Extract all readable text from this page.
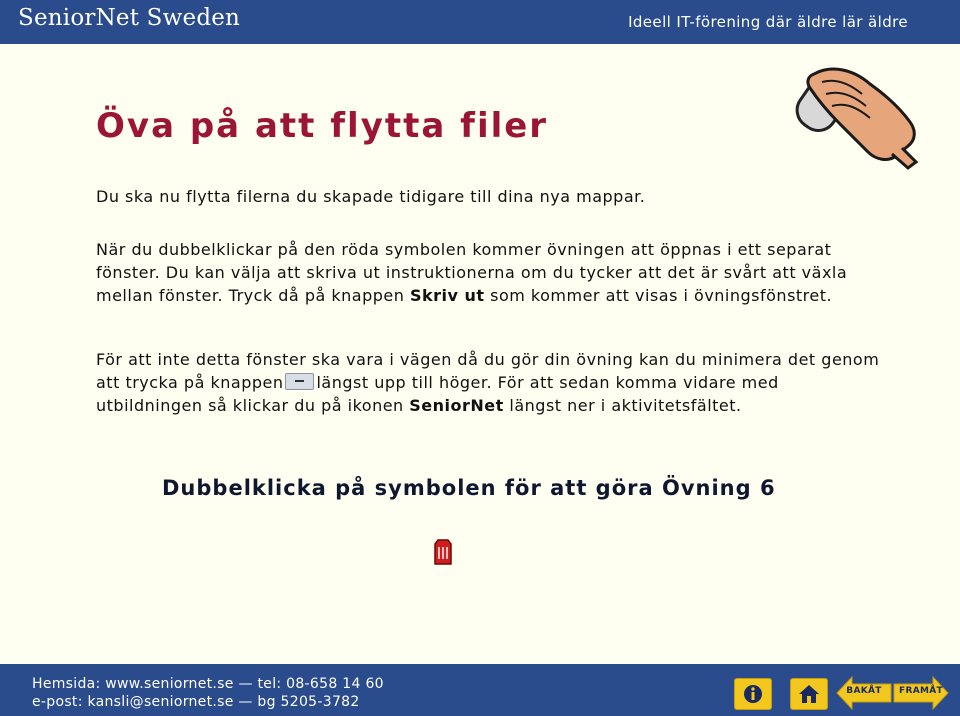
SeniorNet Sweden	Ideell IT-förening där äldre lär äldre
Öva på att flytta filer

Du ska nu flytta filerna du skapade tidigare till dina nya mappar.

När du dubbelklickar på den röda symbolen kommer övningen att öppnas i ett separat fönster. Du kan välja att skriva ut instruktionerna om du tycker att det är svårt att växla mellan fönster. Tryck då på knappen Skriv ut som kommer att visas i övningsfönstret.

För att inte detta fönster ska vara i vägen då du gör din övning kan du minimera det genom att trycka på knappen längst upp till höger. För att sedan komma vidare med utbildningen så klickar du på ikonen SeniorNet längst ner i aktivitetsfältet.

Dubbelklicka på symbolen för att göra Övning 6
Hemsida: www.seniornet.se — tel: 08-658 14 60
e-post: kansli@seniornet.se — bg 5205-3782
BAKÅT	FRAMÅT
